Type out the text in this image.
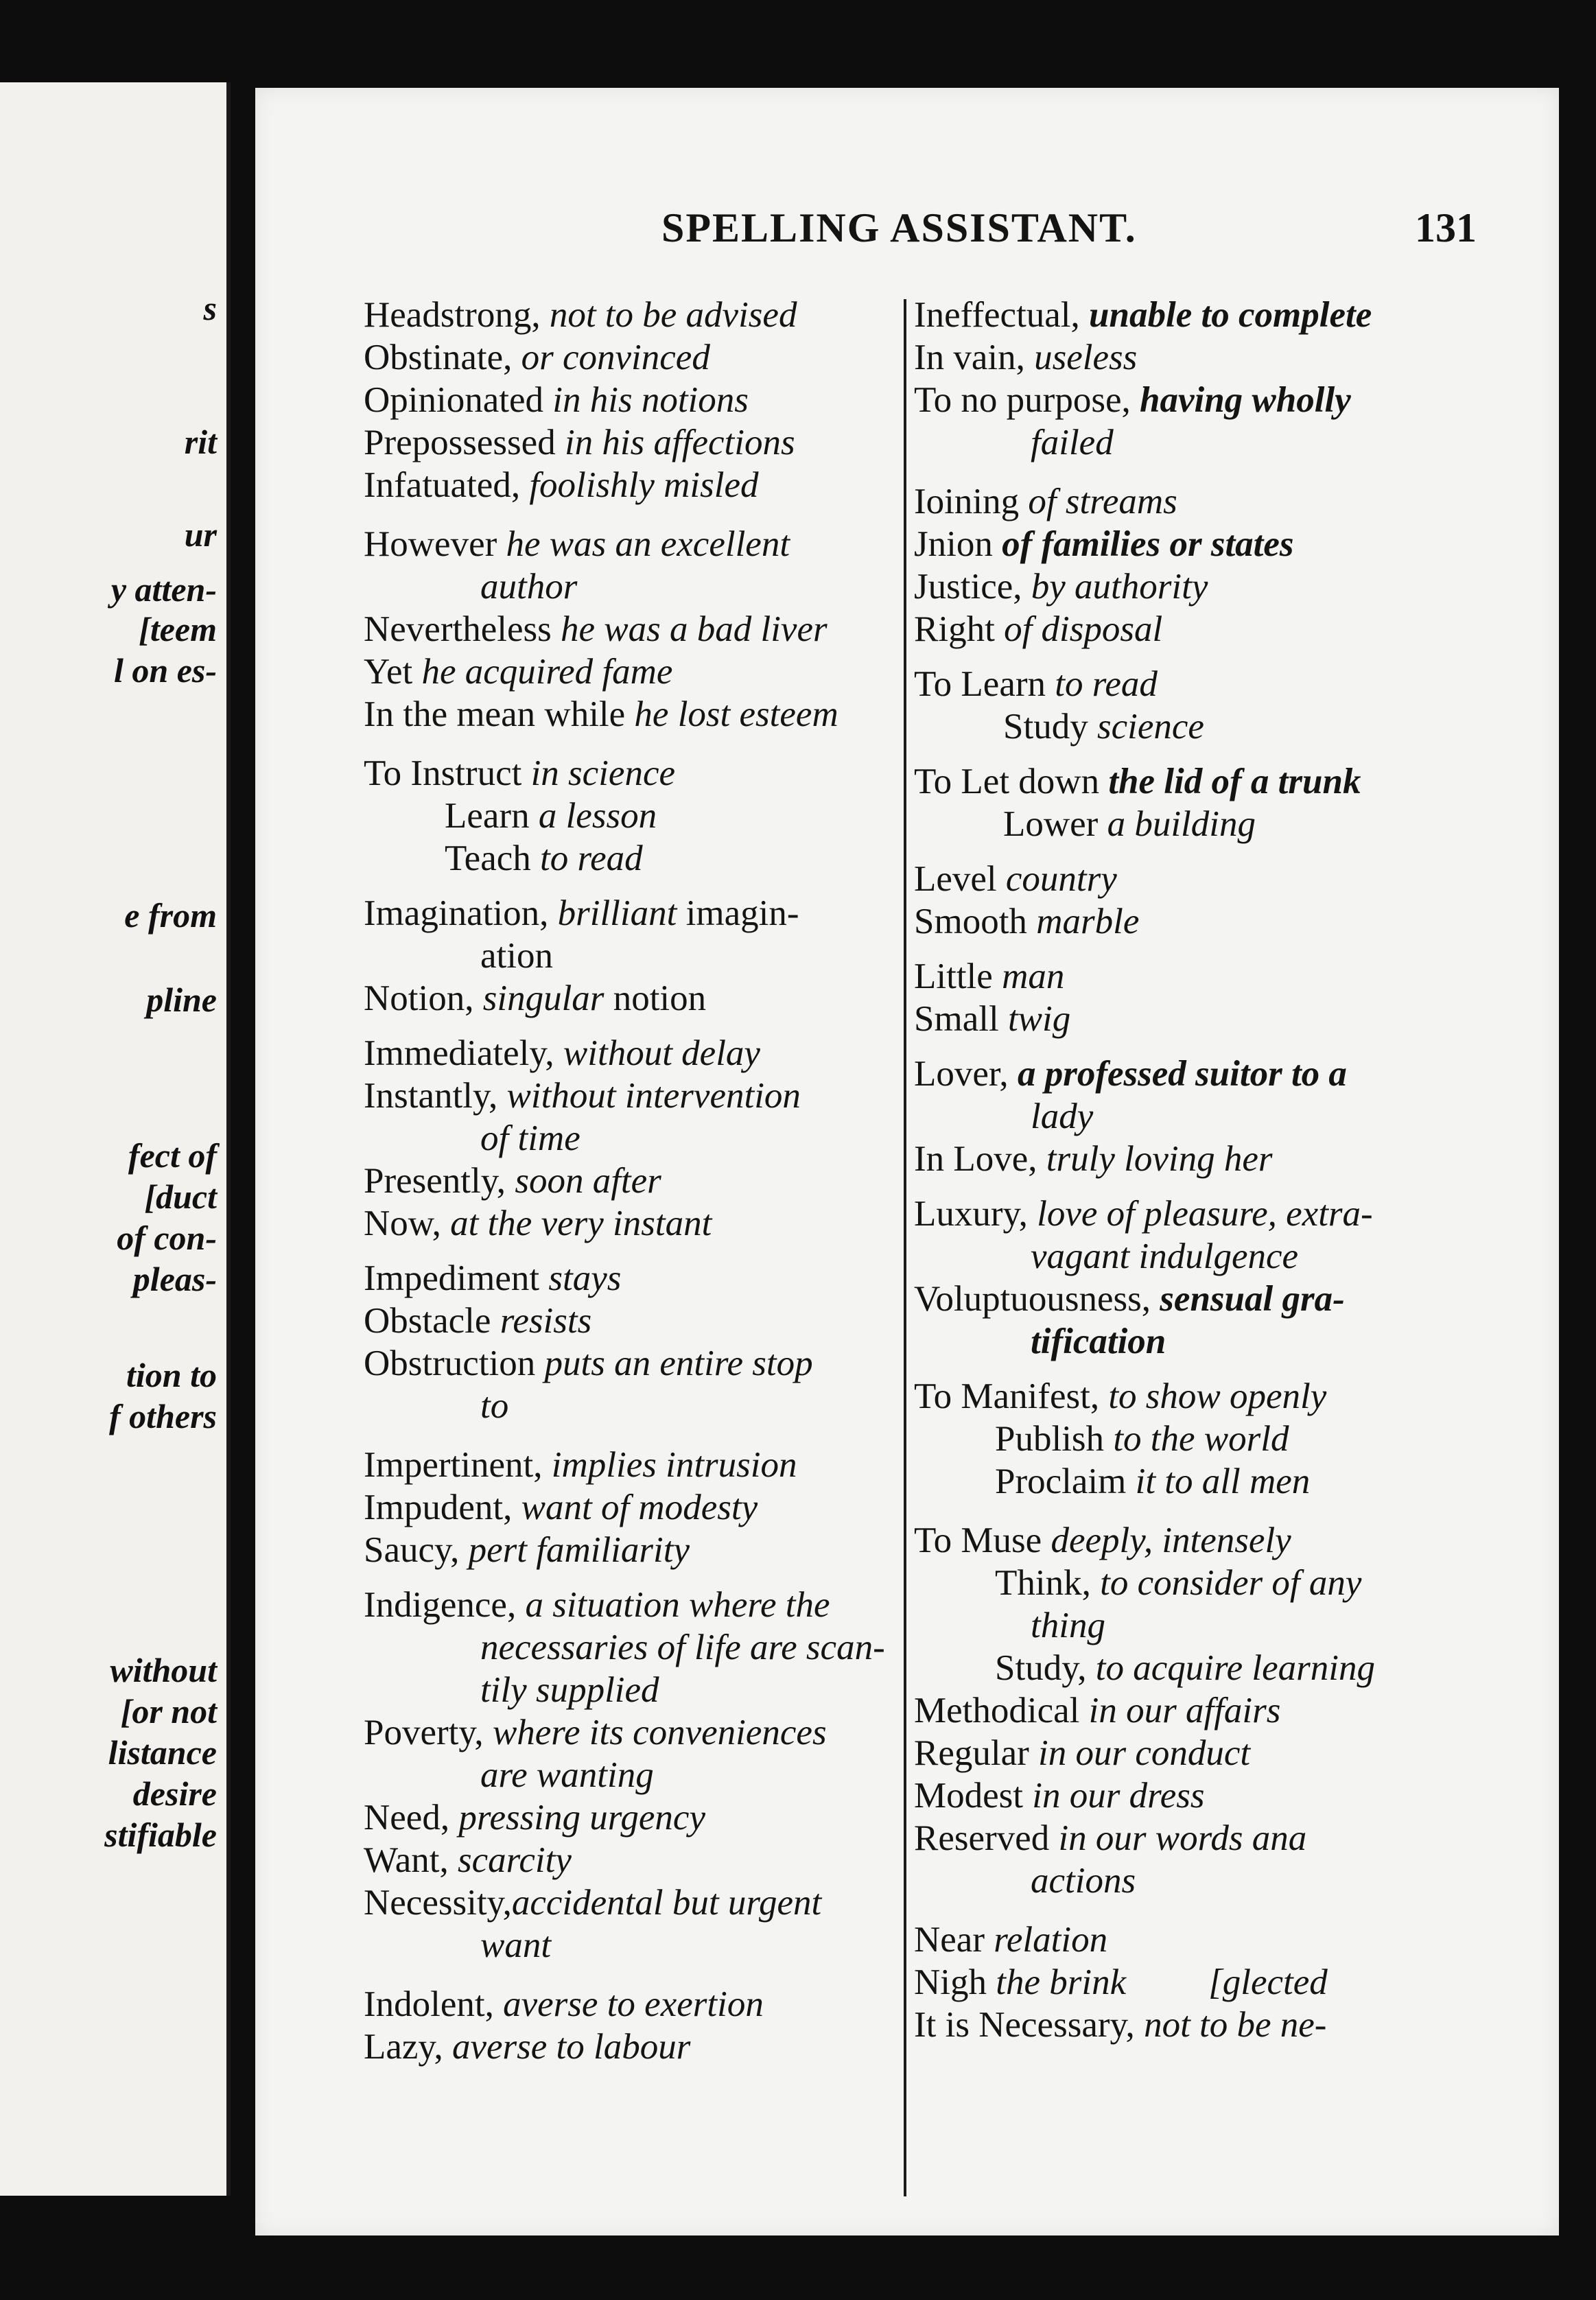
s
rit
ur
y atten-
[teem
l on es-
e from
pline
fect of
[duct
of con-
pleas-
tion to
f others
without
[or not
listance
desire
stifiable
SPELLING ASSISTANT.	131
Headstrong, not to be advised
Obstinate, or convinced
Opinionated in his notions
Prepossessed in his affections
Infatuated, foolishly misled
However he was an excellent
author
Nevertheless he was a bad liver
Yet he acquired fame
In the mean while he lost esteem
To Instruct in science
Learn a lesson
Teach to read
Imagination, brilliant imagin-
ation
Notion, singular notion
Immediately, without delay
Instantly, without intervention
of time
Presently, soon after
Now, at the very instant
Impediment stays
Obstacle resists
Obstruction puts an entire stop
to
Impertinent, implies intrusion
Impudent, want of modesty
Saucy, pert familiarity
Indigence, a situation where the
necessaries of life are scan-
tily supplied
Poverty, where its conveniences
are wanting
Need, pressing urgency
Want, scarcity
Necessity,accidental but urgent
want
Indolent, averse to exertion
Lazy, averse to labour
Ineffectual, unable to complete
In vain, useless
To no purpose, having wholly
failed
Ioining of streams
Jnion of families or states
Justice, by authority
Right of disposal
To Learn to read
Study science
To Let down the lid of a trunk
Lower a building
Level country
Smooth marble
Little man
Small twig
Lover, a professed suitor to a
lady
In Love, truly loving her
Luxury, love of pleasure, extra-
vagant indulgence
Voluptuousness, sensual gra-
tification
To Manifest, to show openly
Publish to the world
Proclaim it to all men
To Muse deeply, intensely
Think, to consider of any
thing
Study, to acquire learning
Methodical in our affairs
Regular in our conduct
Modest in our dress
Reserved in our words ana
actions
Near relation
Nigh the brink [glected
It is Necessary, not to be ne-
